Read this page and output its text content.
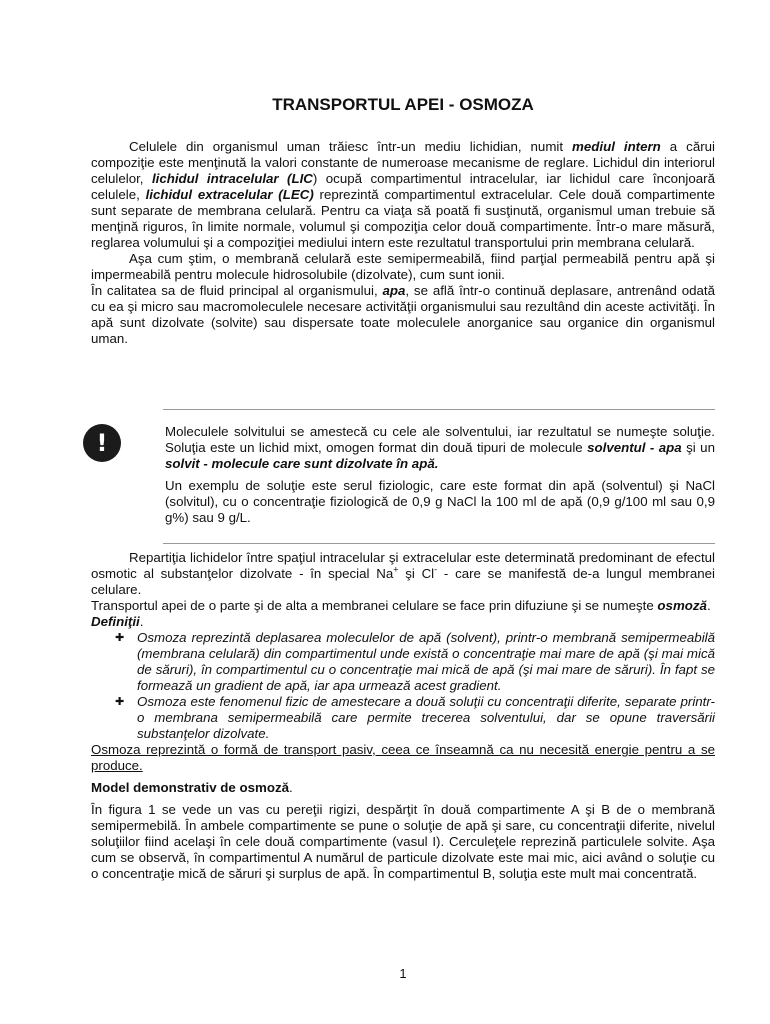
TRANSPORTUL APEI - OSMOZA

Celulele din organismul uman trăiesc într-un mediu lichidian, numit mediul intern a cărui compoziţie este menţinută la valori constante de numeroase mecanisme de reglare. Lichidul din interiorul celulelor, lichidul intracelular (LIC) ocupă compartimentul intracelular, iar lichidul care înconjoară celulele, lichidul extracelular (LEC) reprezintă compartimentul extracelular. Cele două compartimente sunt separate de membrana celulară. Pentru ca viaţa să poată fi susţinută, organismul uman trebuie să menţină riguros, în limite normale, volumul şi compoziţia celor două compartimente. Într-o mare măsură, reglarea volumului şi a compoziţiei mediului intern este rezultatul transportului prin membrana celulară.

Aşa cum ştim, o membrană celulară este semipermeabilă, fiind parţial permeabilă pentru apă şi impermeabilă pentru molecule hidrosolubile (dizolvate), cum sunt ionii.

În calitatea sa de fluid principal al organismului, apa, se află într-o continuă deplasare, antrenând odată cu ea şi micro sau macromoleculele necesare activităţii organismului sau rezultând din aceste activităţi. În apă sunt dizolvate (solvite) sau dispersate toate moleculele anorganice sau organice din organismul uman.

!	Moleculele solvitului se amestecă cu cele ale solventului, iar rezultatul se numeşte soluţie. Soluţia este un lichid mixt, omogen format din două tipuri de molecule solventul - apa şi un solvit - molecule care sunt dizolvate în apă.

Un exemplu de soluţie este serul fiziologic, care este format din apă (solventul) şi NaCl (solvitul), cu o concentraţie fiziologică de 0,9 g NaCl la 100 ml de apă (0,9 g/100 ml sau 0,9 g%) sau 9 g/L.

Repartiţia lichidelor între spaţiul intracelular şi extracelular este determinată predominant de efectul osmotic al substanţelor dizolvate - în special Na+ şi Cl- - care se manifestă de-a lungul membranei celulare.

Transportul apei de o parte şi de alta a membranei celulare se face prin difuziune şi se numeşte osmoză.

Definiţii.

✚ Osmoza reprezintă deplasarea moleculelor de apă (solvent), printr-o membrană semipermeabilă (membrana celulară) din compartimentul unde există o concentraţie mai mare de apă (şi mai mică de săruri), în compartimentul cu o concentraţie mai mică de apă (şi mai mare de săruri). În fapt se formează un gradient de apă, iar apa urmează acest gradient.

✚ Osmoza este fenomenul fizic de amestecare a două soluţii cu concentraţii diferite, separate printr-o membrana semipermeabilă care permite trecerea solventului, dar se opune traversării substanţelor dizolvate.

Osmoza reprezintă o formă de transport pasiv, ceea ce înseamnă ca nu necesită energie pentru a se produce.

Model demonstrativ de osmoză.

În figura 1 se vede un vas cu pereţii rigizi, despărţit în două compartimente A şi B de o membrană semipermebilă. În ambele compartimente se pune o soluţie de apă şi sare, cu concentraţii diferite, nivelul soluţiilor fiind acelaşi în cele două compartimente (vasul I). Cerculeţele reprezină particulele solvite. Aşa cum se observă, în compartimentul A numărul de particule dizolvate este mai mic, aici având o soluţie cu o concentraţie mică de săruri şi surplus de apă. În compartimentul B, soluţia este mult mai concentrată.

1
